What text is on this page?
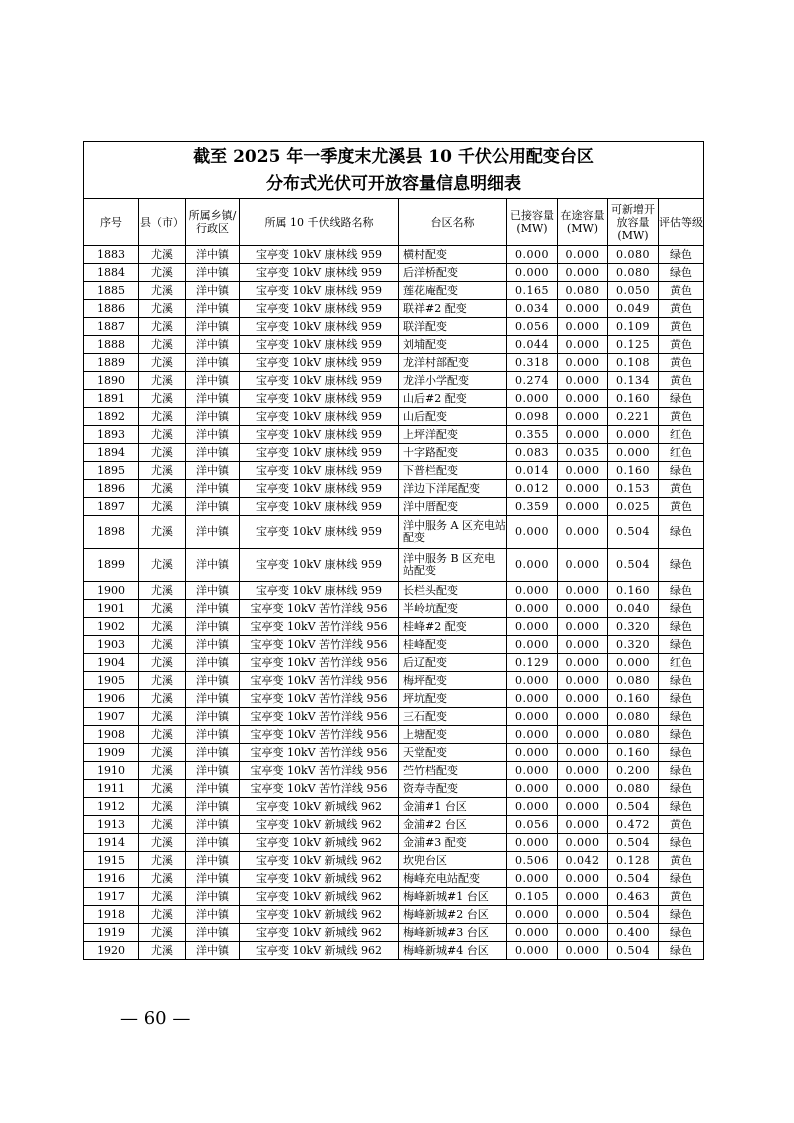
截至 2025 年一季度末尤溪县 10 千伏公用配变台区
分布式光伏可开放容量信息明细表								

序号	县（市）	所属乡镇/行政区	所属 10 千伏线路名称	台区名称	已接容量(MW)	在途容量(MW)	可新增开放容量(MW)	评估等级
1883	尤溪	洋中镇	宝亭变 10kV 康林线 959	横村配变	0.000	0.000	0.080	绿色
1884	尤溪	洋中镇	宝亭变 10kV 康林线 959	后洋桥配变	0.000	0.000	0.080	绿色
1885	尤溪	洋中镇	宝亭变 10kV 康林线 959	莲花庵配变	0.165	0.080	0.050	黄色
1886	尤溪	洋中镇	宝亭变 10kV 康林线 959	联祥#2 配变	0.034	0.000	0.049	黄色
1887	尤溪	洋中镇	宝亭变 10kV 康林线 959	联洋配变	0.056	0.000	0.109	黄色
1888	尤溪	洋中镇	宝亭变 10kV 康林线 959	刘埔配变	0.044	0.000	0.125	黄色
1889	尤溪	洋中镇	宝亭变 10kV 康林线 959	龙洋村部配变	0.318	0.000	0.108	黄色
1890	尤溪	洋中镇	宝亭变 10kV 康林线 959	龙洋小学配变	0.274	0.000	0.134	黄色
1891	尤溪	洋中镇	宝亭变 10kV 康林线 959	山后#2 配变	0.000	0.000	0.160	绿色
1892	尤溪	洋中镇	宝亭变 10kV 康林线 959	山后配变	0.098	0.000	0.221	黄色
1893	尤溪	洋中镇	宝亭变 10kV 康林线 959	上坪洋配变	0.355	0.000	0.000	红色
1894	尤溪	洋中镇	宝亭变 10kV 康林线 959	十字路配变	0.083	0.035	0.000	红色
1895	尤溪	洋中镇	宝亭变 10kV 康林线 959	下普栏配变	0.014	0.000	0.160	绿色
1896	尤溪	洋中镇	宝亭变 10kV 康林线 959	洋边下洋尾配变	0.012	0.000	0.153	黄色
1897	尤溪	洋中镇	宝亭变 10kV 康林线 959	洋中厝配变	0.359	0.000	0.025	黄色
1898	尤溪	洋中镇	宝亭变 10kV 康林线 959	洋中服务 A 区充电站配变	0.000	0.000	0.504	绿色
1899	尤溪	洋中镇	宝亭变 10kV 康林线 959	洋中服务 B 区充电站配变	0.000	0.000	0.504	绿色
1900	尤溪	洋中镇	宝亭变 10kV 康林线 959	长栏头配变	0.000	0.000	0.160	绿色
1901	尤溪	洋中镇	宝亭变 10kV 苦竹洋线 956	半岭坑配变	0.000	0.000	0.040	绿色
1902	尤溪	洋中镇	宝亭变 10kV 苦竹洋线 956	桂峰#2 配变	0.000	0.000	0.320	绿色
1903	尤溪	洋中镇	宝亭变 10kV 苦竹洋线 956	桂峰配变	0.000	0.000	0.320	绿色
1904	尤溪	洋中镇	宝亭变 10kV 苦竹洋线 956	后辽配变	0.129	0.000	0.000	红色
1905	尤溪	洋中镇	宝亭变 10kV 苦竹洋线 956	梅坪配变	0.000	0.000	0.080	绿色
1906	尤溪	洋中镇	宝亭变 10kV 苦竹洋线 956	坪坑配变	0.000	0.000	0.160	绿色
1907	尤溪	洋中镇	宝亭变 10kV 苦竹洋线 956	三石配变	0.000	0.000	0.080	绿色
1908	尤溪	洋中镇	宝亭变 10kV 苦竹洋线 956	上塘配变	0.000	0.000	0.080	绿色
1909	尤溪	洋中镇	宝亭变 10kV 苦竹洋线 956	天堂配变	0.000	0.000	0.160	绿色
1910	尤溪	洋中镇	宝亭变 10kV 苦竹洋线 956	苎竹档配变	0.000	0.000	0.200	绿色
1911	尤溪	洋中镇	宝亭变 10kV 苦竹洋线 956	资寿寺配变	0.000	0.000	0.080	绿色
1912	尤溪	洋中镇	宝亭变 10kV 新城线 962	金浦#1 台区	0.000	0.000	0.504	绿色
1913	尤溪	洋中镇	宝亭变 10kV 新城线 962	金浦#2 台区	0.056	0.000	0.472	黄色
1914	尤溪	洋中镇	宝亭变 10kV 新城线 962	金浦#3 配变	0.000	0.000	0.504	绿色
1915	尤溪	洋中镇	宝亭变 10kV 新城线 962	坎兜台区	0.506	0.042	0.128	黄色
1916	尤溪	洋中镇	宝亭变 10kV 新城线 962	梅峰充电站配变	0.000	0.000	0.504	绿色
1917	尤溪	洋中镇	宝亭变 10kV 新城线 962	梅峰新城#1 台区	0.105	0.000	0.463	黄色
1918	尤溪	洋中镇	宝亭变 10kV 新城线 962	梅峰新城#2 台区	0.000	0.000	0.504	绿色
1919	尤溪	洋中镇	宝亭变 10kV 新城线 962	梅峰新城#3 台区	0.000	0.000	0.400	绿色
1920	尤溪	洋中镇	宝亭变 10kV 新城线 962	梅峰新城#4 台区	0.000	0.000	0.504	绿色
— 60 —
